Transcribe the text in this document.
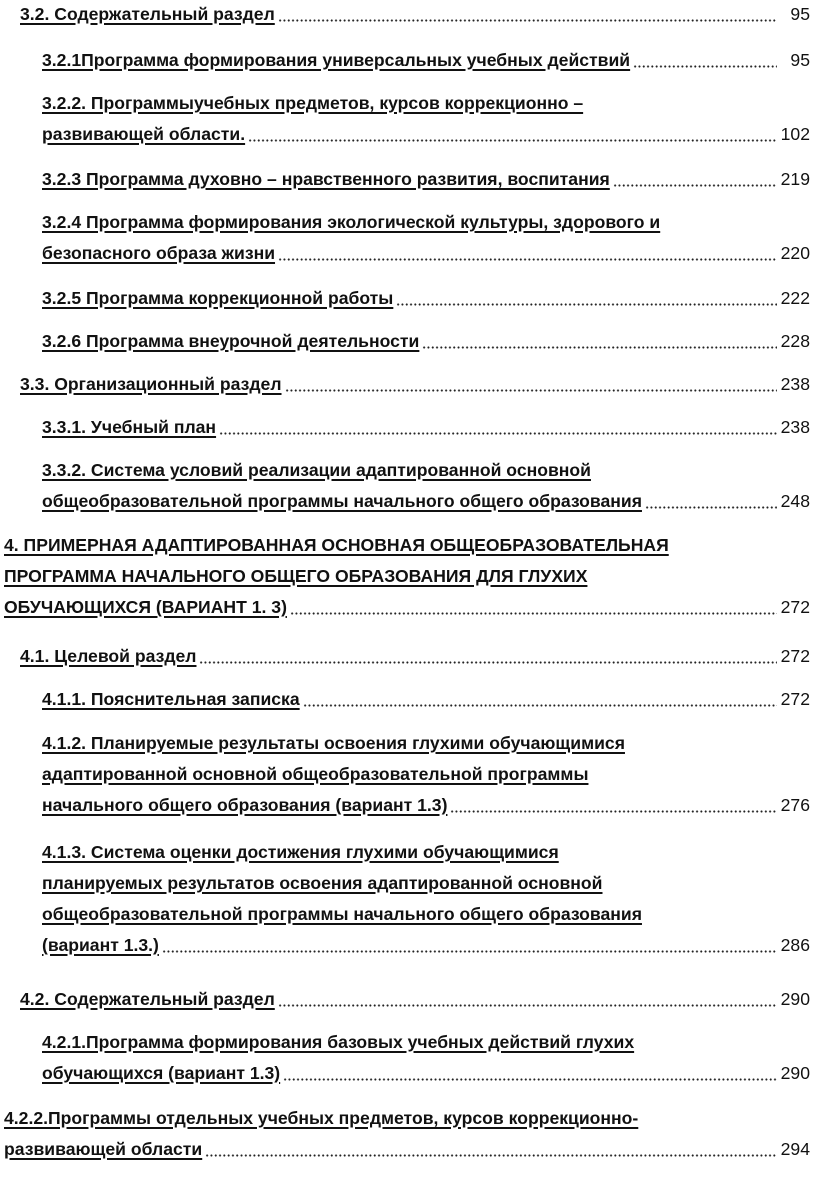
3.2. Содержательный раздел	95
3.2.1Программа формирования универсальных учебных действий	95
3.2.2. Программыучебных предметов, курсов коррекционно –
развивающей области.	102
3.2.3 Программа духовно – нравственного развития, воспитания	219
3.2.4 Программа формирования экологической культуры, здорового и
безопасного образа жизни	220
3.2.5 Программа коррекционной работы	222
3.2.6 Программа внеурочной деятельности	228
3.3. Организационный раздел	238
3.3.1. Учебный план	238
3.3.2. Система условий реализации адаптированной основной
общеобразовательной программы начального общего образования	248
4. ПРИМЕРНАЯ АДАПТИРОВАННАЯ ОСНОВНАЯ ОБЩЕОБРАЗОВАТЕЛЬНАЯ
ПРОГРАММА НАЧАЛЬНОГО ОБЩЕГО ОБРАЗОВАНИЯ ДЛЯ ГЛУХИХ
ОБУЧАЮЩИХСЯ (ВАРИАНТ 1. 3)	272
4.1. Целевой раздел	272
4.1.1. Пояснительная записка	272
4.1.2. Планируемые результаты освоения глухими обучающимися
адаптированной основной общеобразовательной программы
начального общего образования (вариант 1.3)	276
4.1.3. Система оценки достижения глухими обучающимися
планируемых результатов освоения адаптированной основной
общеобразовательной программы начального общего образования
(вариант 1.3.)	286
4.2. Содержательный раздел	290
4.2.1.Программа формирования базовых учебных действий глухих
обучающихся (вариант 1.3)	290
4.2.2.Программы отдельных учебных предметов, курсов коррекционно-
развивающей области	294
